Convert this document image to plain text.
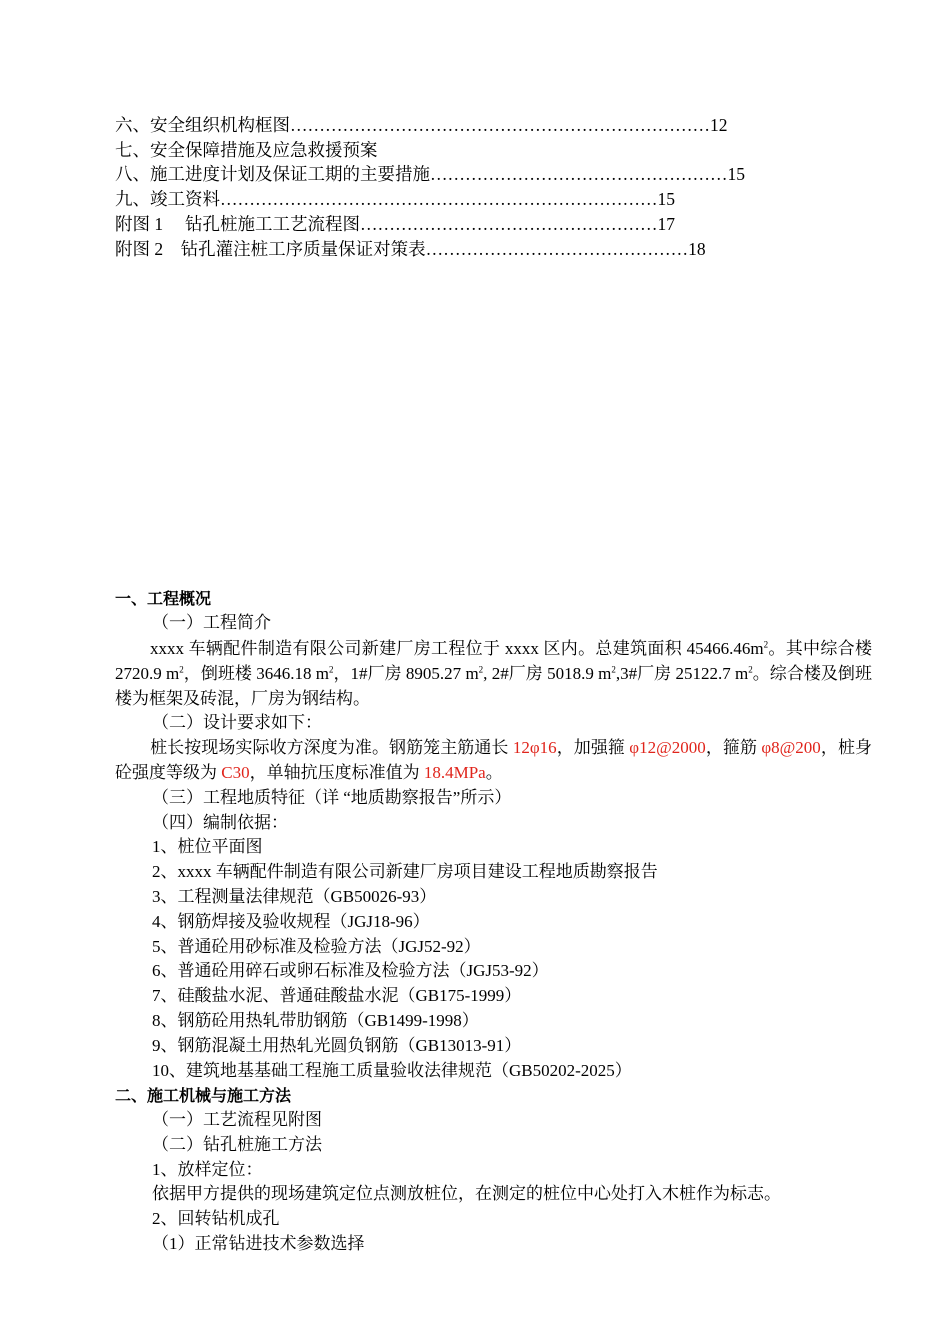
六、安全组织机构框图………………………………………………………………12
七、安全保障措施及应急救援预案
八、施工进度计划及保证工期的主要措施……………………………………………15
九、竣工资料…………………………………………………………………15
附图 1　 钻孔桩施工工艺流程图……………………………………………17
附图 2　钻孔灌注桩工序质量保证对策表………………………………………18
一、工程概况
（一）工程简介
xxxx 车辆配件制造有限公司新建厂房工程位于 xxxx 区内。总建筑面积 $45466.46m^2$。其中综合楼 2720.9 $m^2$，倒班楼 3646.18 $m^2$，1#厂房 8905.27 $m^2$, 2#厂房 5018.9 $m^2,3\#$厂房 25122.7 $m^2$。综合楼及倒班楼为框架及砖混，厂房为钢结构。
（二）设计要求如下：
桩长按现场实际收方深度为准。钢筋笼主筋通长 12φ16，加强箍 φ12@2000，箍筋 φ8@200，桩身砼强度等级为 C30，单轴抗压度标准值为 18.4MPa。
（三）工程地质特征（详 “地质勘察报告”所示）
（四）编制依据：
1、桩位平面图
2、xxxx 车辆配件制造有限公司新建厂房项目建设工程地质勘察报告
3、工程测量法律规范（GB50026-93）
4、钢筋焊接及验收规程（JGJ18-96）
5、普通砼用砂标准及检验方法（JGJ52-92）
6、普通砼用碎石或卵石标准及检验方法（JGJ53-92）
7、硅酸盐水泥、普通硅酸盐水泥（GB175-1999）
8、钢筋砼用热轧带肋钢筋（GB1499-1998）
9、钢筋混凝土用热轧光圆负钢筋（GB13013-91）
10、建筑地基基础工程施工质量验收法律规范（GB50202-2025）
二、施工机械与施工方法
（一）工艺流程见附图
（二）钻孔桩施工方法
1、放样定位：
依据甲方提供的现场建筑定位点测放桩位，在测定的桩位中心处打入木桩作为标志。
2、回转钻机成孔
（1）正常钻进技术参数选择
